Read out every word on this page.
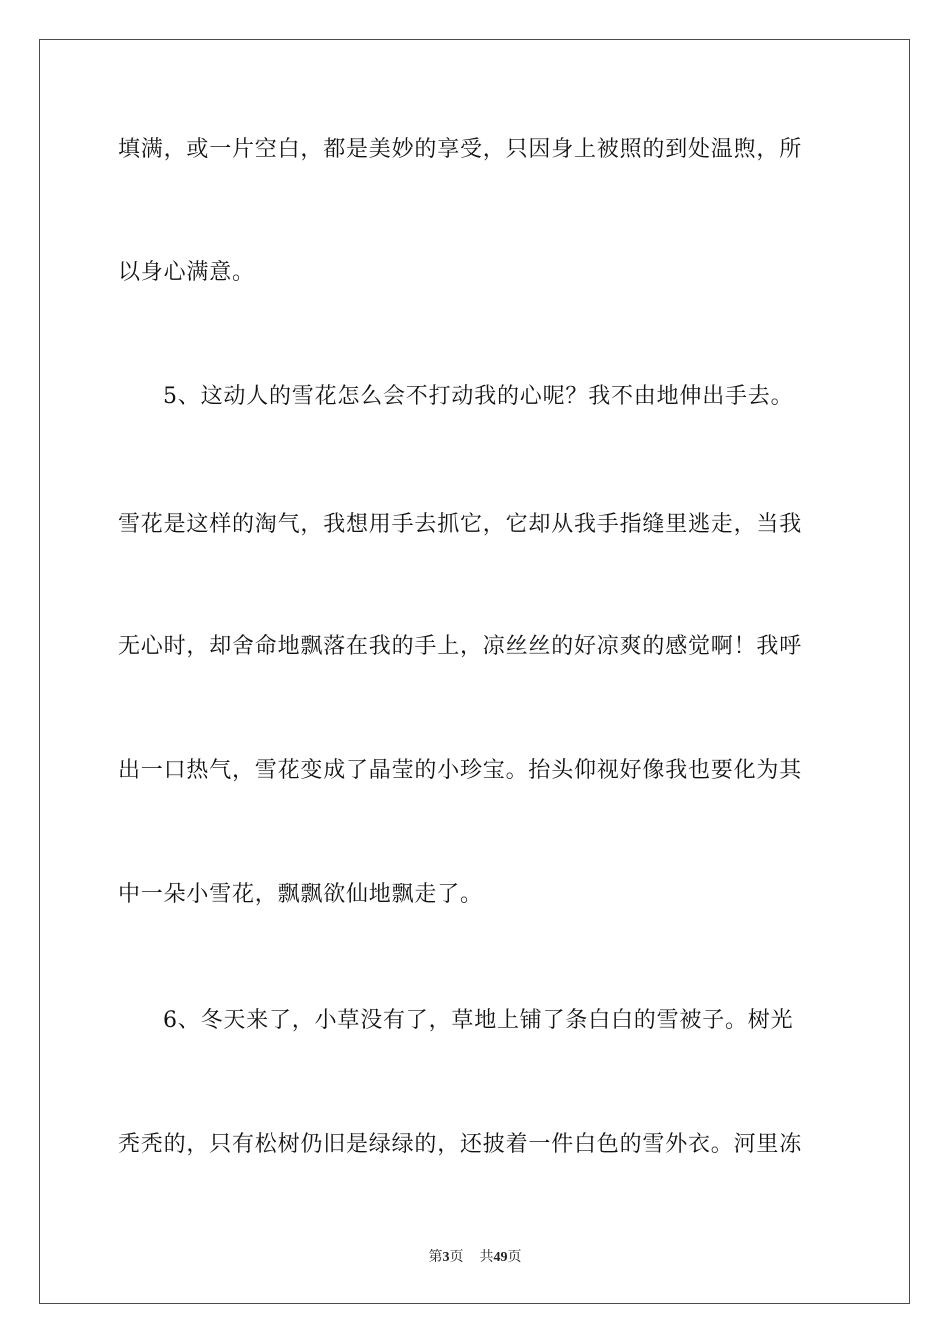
填满，或一片空白，都是美妙的享受，只因身上被照的到处温煦，所
以身心满意。
5、这动人的雪花怎么会不打动我的心呢？我不由地伸出手去。
雪花是这样的淘气，我想用手去抓它，它却从我手指缝里逃走，当我
无心时，却舍命地飘落在我的手上，凉丝丝的好凉爽的感觉啊！我呼
出一口热气，雪花变成了晶莹的小珍宝。抬头仰视好像我也要化为其
中一朵小雪花，飘飘欲仙地飘走了。
6、冬天来了，小草没有了，草地上铺了条白白的雪被子。树光
秃秃的，只有松树仍旧是绿绿的，还披着一件白色的雪外衣。河里冻
第3页 共49页
